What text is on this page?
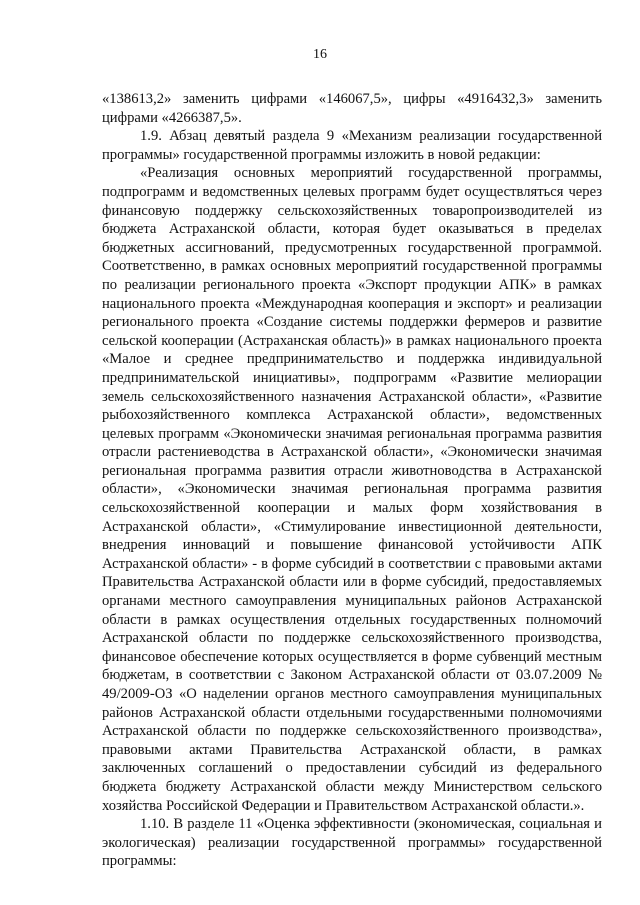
16

«138613,2» заменить цифрами «146067,5», цифры «4916432,3» заменить цифрами «4266387,5».

1.9. Абзац девятый раздела 9 «Механизм реализации государственной программы» государственной программы изложить в новой редакции:

«Реализация основных мероприятий государственной программы, подпрограмм и ведомственных целевых программ будет осуществляться через финансовую поддержку сельскохозяйственных товаропроизводителей из бюджета Астраханской области, которая будет оказываться в пределах бюджетных ассигнований, предусмотренных государственной программой. Соответственно, в рамках основных мероприятий государственной программы по реализации регионального проекта «Экспорт продукции АПК» в рамках национального проекта «Международная кооперация и экспорт» и реализации регионального проекта «Создание системы поддержки фермеров и развитие сельской кооперации (Астраханская область)» в рамках национального проекта «Малое и среднее предпринимательство и поддержка индивидуальной предпринимательской инициативы», подпрограмм «Развитие мелиорации земель сельскохозяйственного назначения Астраханской области», «Развитие рыбохозяйственного комплекса Астраханской области», ведомственных целевых программ «Экономически значимая региональная программа развития отрасли растениеводства в Астраханской области», «Экономически значимая региональная программа развития отрасли животноводства в Астраханской области», «Экономически значимая региональная программа развития сельскохозяйственной кооперации и малых форм хозяйствования в Астраханской области», «Стимулирование инвестиционной деятельности, внедрения инноваций и повышение финансовой устойчивости АПК Астраханской области» - в форме субсидий в соответствии с правовыми актами Правительства Астраханской области или в форме субсидий, предоставляемых органами местного самоуправления муниципальных районов Астраханской области в рамках осуществления отдельных государственных полномочий Астраханской области по поддержке сельскохозяйственного производства, финансовое обеспечение которых осуществляется в форме субвенций местным бюджетам, в соответствии с Законом Астраханской области от 03.07.2009 № 49/2009-ОЗ «О наделении органов местного самоуправления муниципальных районов Астраханской области отдельными государственными полномочиями Астраханской области по поддержке сельскохозяйственного производства», правовыми актами Правительства Астраханской области, в рамках заключенных соглашений о предоставлении субсидий из федерального бюджета бюджету Астраханской области между Министерством сельского хозяйства Российской Федерации и Правительством Астраханской области.».

1.10. В разделе 11 «Оценка эффективности (экономическая, социальная и экологическая) реализации государственной программы» государственной программы:
